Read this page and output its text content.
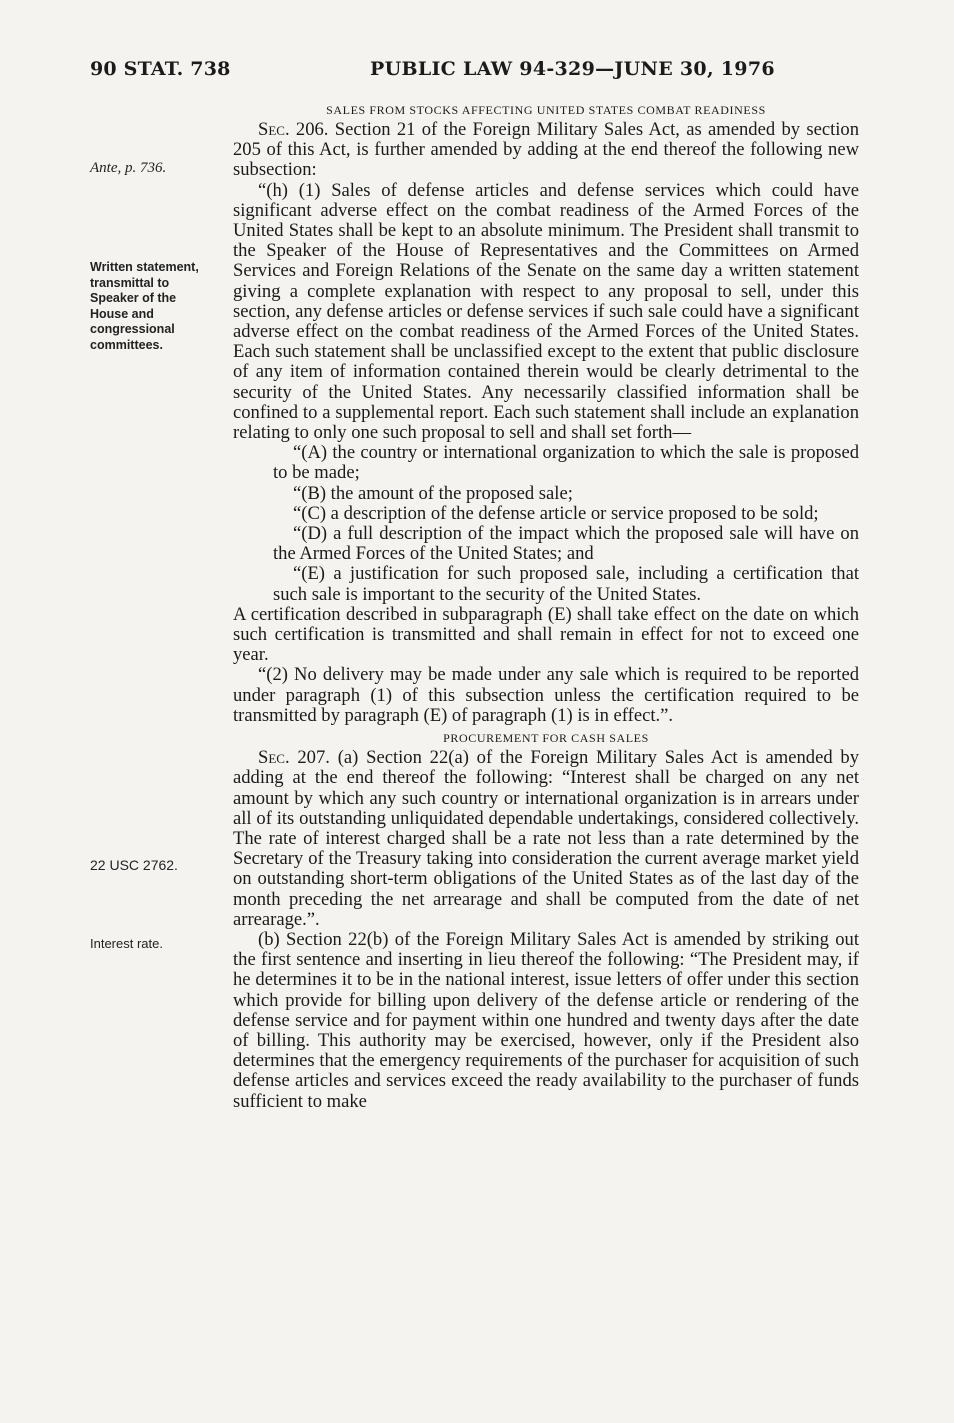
90 STAT. 738	PUBLIC LAW 94-329—JUNE 30, 1976
Ante, p. 736.
Written statement, transmittal to Speaker of the House and congressional committees.
22 USC 2762.
Interest rate.

SALES FROM STOCKS AFFECTING UNITED STATES COMBAT READINESS

Sec. 206. Section 21 of the Foreign Military Sales Act, as amended by section 205 of this Act, is further amended by adding at the end thereof the following new subsection:

“(h) (1) Sales of defense articles and defense services which could have significant adverse effect on the combat readiness of the Armed Forces of the United States shall be kept to an absolute minimum. The President shall transmit to the Speaker of the House of Representatives and the Committees on Armed Services and Foreign Relations of the Senate on the same day a written statement giving a complete explanation with respect to any proposal to sell, under this section, any defense articles or defense services if such sale could have a significant adverse effect on the combat readiness of the Armed Forces of the United States. Each such statement shall be unclassified except to the extent that public disclosure of any item of information contained therein would be clearly detrimental to the security of the United States. Any necessarily classified information shall be confined to a supplemental report. Each such statement shall include an explanation relating to only one such proposal to sell and shall set forth—

“(A) the country or international organization to which the sale is proposed to be made;

“(B) the amount of the proposed sale;

“(C) a description of the defense article or service proposed to be sold;

“(D) a full description of the impact which the proposed sale will have on the Armed Forces of the United States; and

“(E) a justification for such proposed sale, including a certification that such sale is important to the security of the United States.

A certification described in subparagraph (E) shall take effect on the date on which such certification is transmitted and shall remain in effect for not to exceed one year.

“(2) No delivery may be made under any sale which is required to be reported under paragraph (1) of this subsection unless the certification required to be transmitted by paragraph (E) of paragraph (1) is in effect.”.

PROCUREMENT FOR CASH SALES

Sec. 207. (a) Section 22(a) of the Foreign Military Sales Act is amended by adding at the end thereof the following: “Interest shall be charged on any net amount by which any such country or international organization is in arrears under all of its outstanding unliquidated dependable undertakings, considered collectively. The rate of interest charged shall be a rate not less than a rate determined by the Secretary of the Treasury taking into consideration the current average market yield on outstanding short-term obligations of the United States as of the last day of the month preceding the net arrearage and shall be computed from the date of net arrearage.”.

(b) Section 22(b) of the Foreign Military Sales Act is amended by striking out the first sentence and inserting in lieu thereof the following: “The President may, if he determines it to be in the national interest, issue letters of offer under this section which provide for billing upon delivery of the defense article or rendering of the defense service and for payment within one hundred and twenty days after the date of billing. This authority may be exercised, however, only if the President also determines that the emergency requirements of the purchaser for acquisition of such defense articles and services exceed the ready availability to the purchaser of funds sufficient to make
